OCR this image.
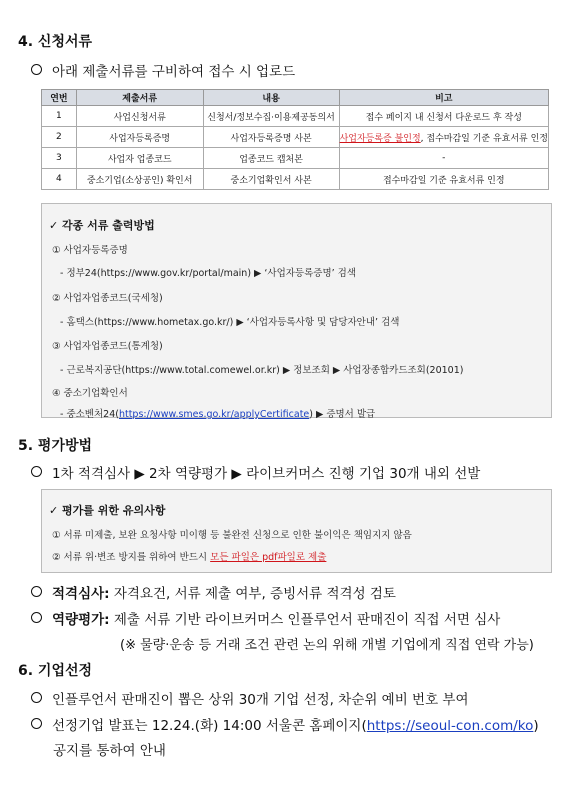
4. 신청서류
아래 제출서류를 구비하여 접수 시 업로드
연번	제출서류	내용	비고
1	사업신청서류	신청서/정보수집·이용제공동의서	접수 페이지 내 신청서 다운로드 후 작성
2	사업자등록증명	사업자등록증명 사본	사업자등록증 불인정, 접수마감일 기준 유효서류 인정
3	사업자 업종코드	업종코드 캡처본	-
4	중소기업(소상공인) 확인서	중소기업확인서 사본	접수마감일 기준 유효서류 인정
✓ 각종 서류 출력방법
① 사업자등록증명
- 정부24(https://www.gov.kr/portal/main) ▶ ‘사업자등록증명’ 검색
② 사업자업종코드(국세청)
- 홈택스(https://www.hometax.go.kr/) ▶ ‘사업자등록사항 및 담당자안내’ 검색
③ 사업자업종코드(통계청)
- 근로복지공단(https://www.total.comewel.or.kr) ▶ 정보조회 ▶ 사업장종합카드조회(20101)
④ 중소기업확인서
- 중소벤처24(https://www.smes.go.kr/applyCertificate) ▶ 증명서 발급
5. 평가방법
1차 적격심사 ▶ 2차 역량평가 ▶ 라이브커머스 진행 기업 30개 내외 선발
✓ 평가를 위한 유의사항
① 서류 미제출, 보완 요청사항 미이행 등 불완전 신청으로 인한 불이익은 책임지지 않음
② 서류 위·변조 방지를 위하여 반드시 모든 파일은 pdf파일로 제출
적격심사: 자격요건, 서류 제출 여부, 증빙서류 적격성 검토
역량평가: 제출 서류 기반 라이브커머스 인플루언서 판매진이 직접 서면 심사
(※ 물량·운송 등 거래 조건 관련 논의 위해 개별 기업에게 직접 연락 가능)
6. 기업선정
인플루언서 판매진이 뽑은 상위 30개 기업 선정, 차순위 예비 번호 부여
선정기업 발표는 12.24.(화) 14:00 서울콘 홈페이지(https://seoul-con.com/ko)
공지를 통하여 안내
